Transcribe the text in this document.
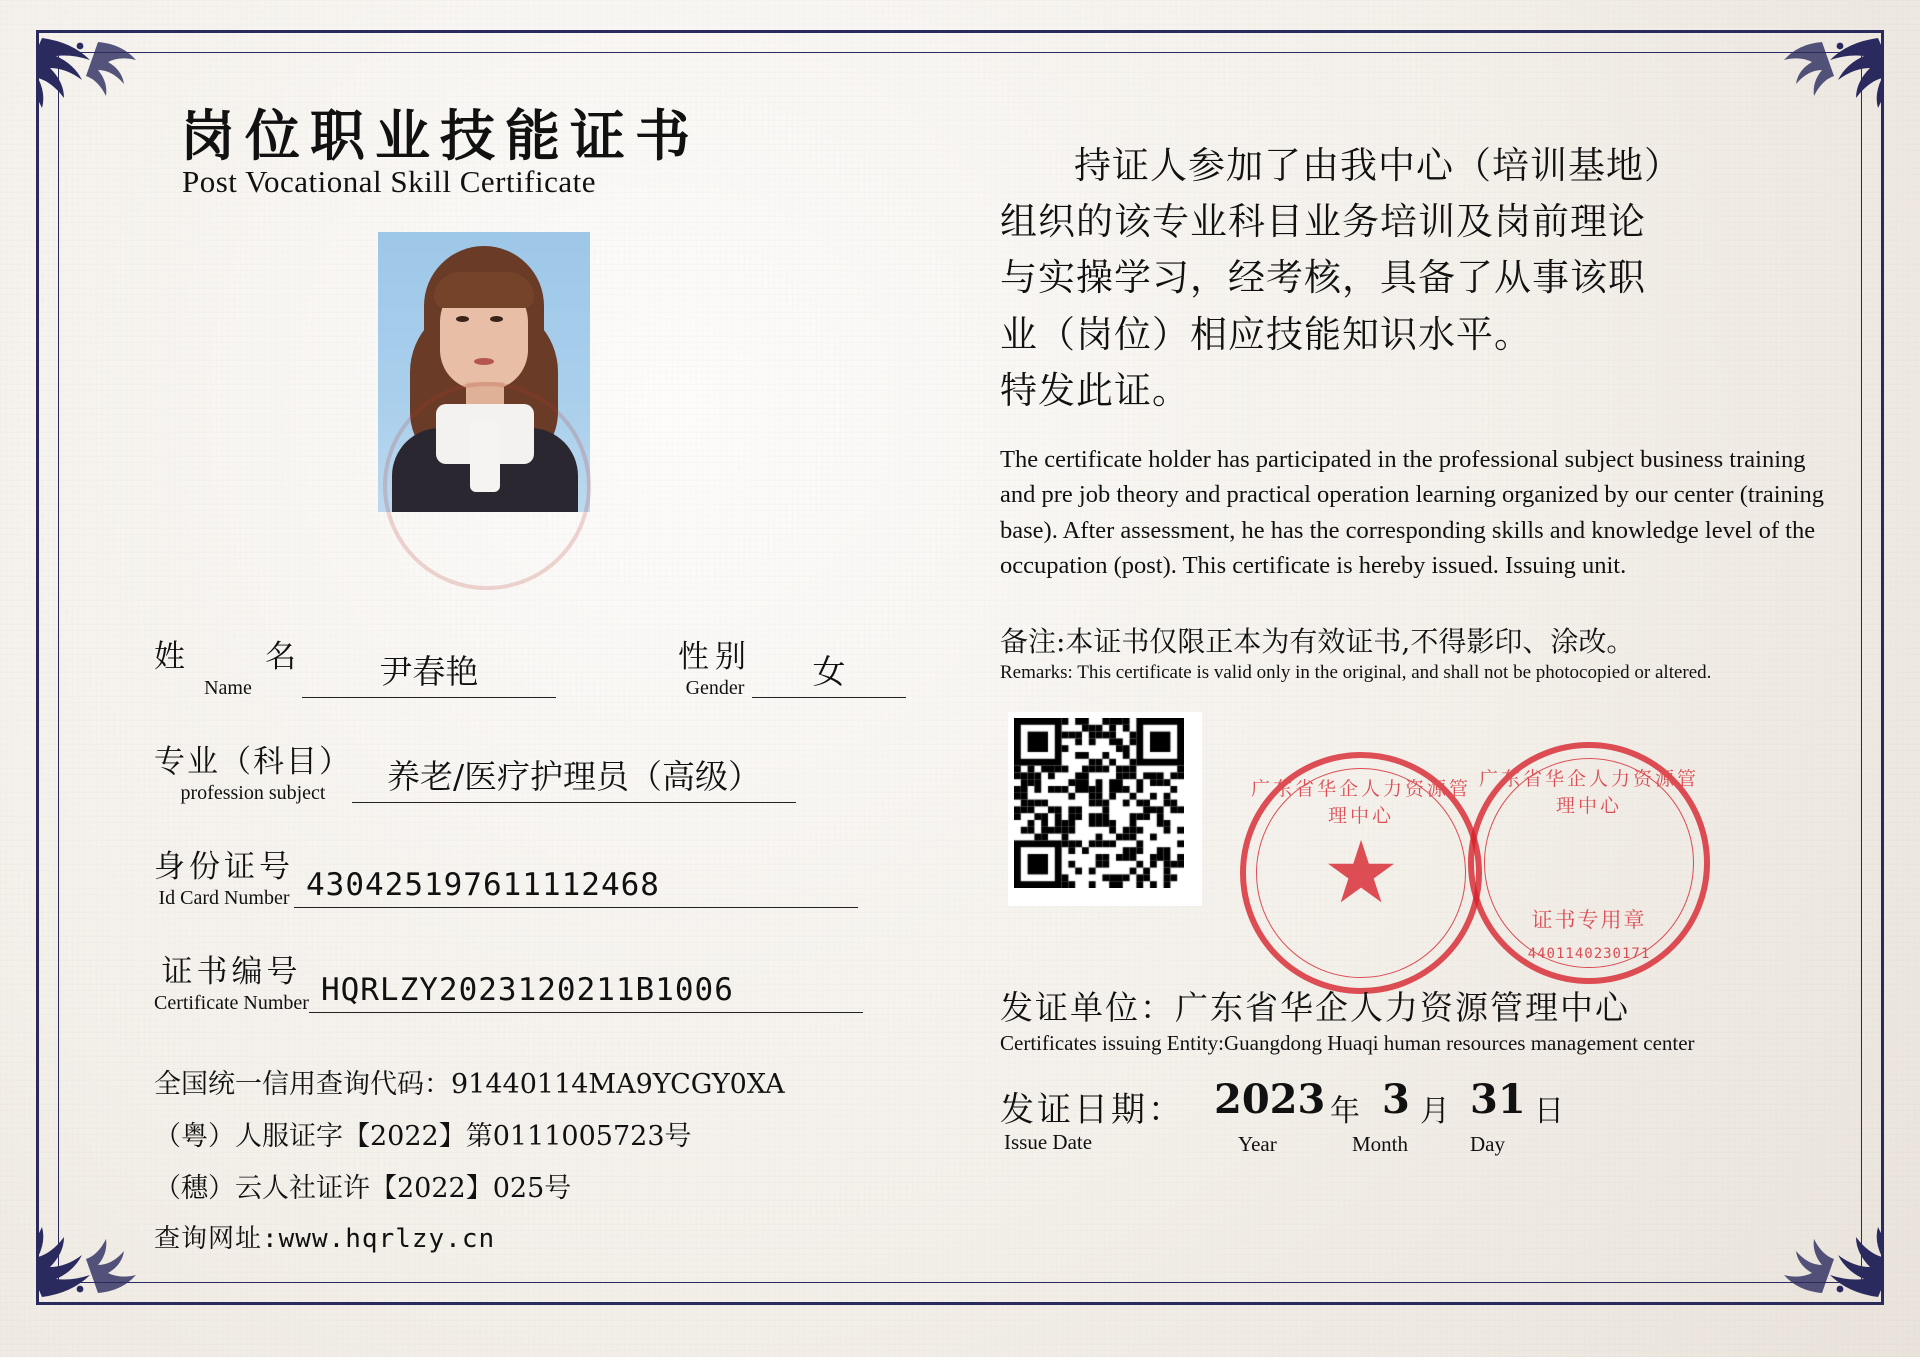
岗位职业技能证书
Post Vocational Skill Certificate
姓　　名
Name	尹春艳	性别
Gender	女
专业（科目）
profession subject	养老/医疗护理员（高级）
身份证号
Id Card Number 430425197611112468
证书编号
Certificate Number HQRLZY2023120211B1006
全国统一信用查询代码：91440114MA9YCGY0XA
（粤）人服证字【2022】第0111005723号
（穗）云人社证许【2022】025号
查询网址:www.hqrlzy.cn
持证人参加了由我中心（培训基地）
组织的该专业科目业务培训及岗前理论
与实操学习，经考核，具备了从事该职
业（岗位）相应技能知识水平。
特发此证。
The certificate holder has participated in the professional subject business training and pre job theory and practical operation learning organized by our center (training base). After assessment, he has the corresponding skills and knowledge level of the occupation (post). This certificate is hereby issued. Issuing unit.
备注:本证书仅限正本为有效证书,不得影印、涂改。
Remarks: This certificate is valid only in the original, and shall not be photocopied or altered.
广东省华企人力资源管理中心
★
广东省华企人力资源管理中心
证书专用章
4401140230171
发证单位：广东省华企人力资源管理中心
Certificates issuing Entity:Guangdong Huaqi human resources management center
发证日期：
Issue Date
2023 年 3 月 31 日
Year	Month	Day
